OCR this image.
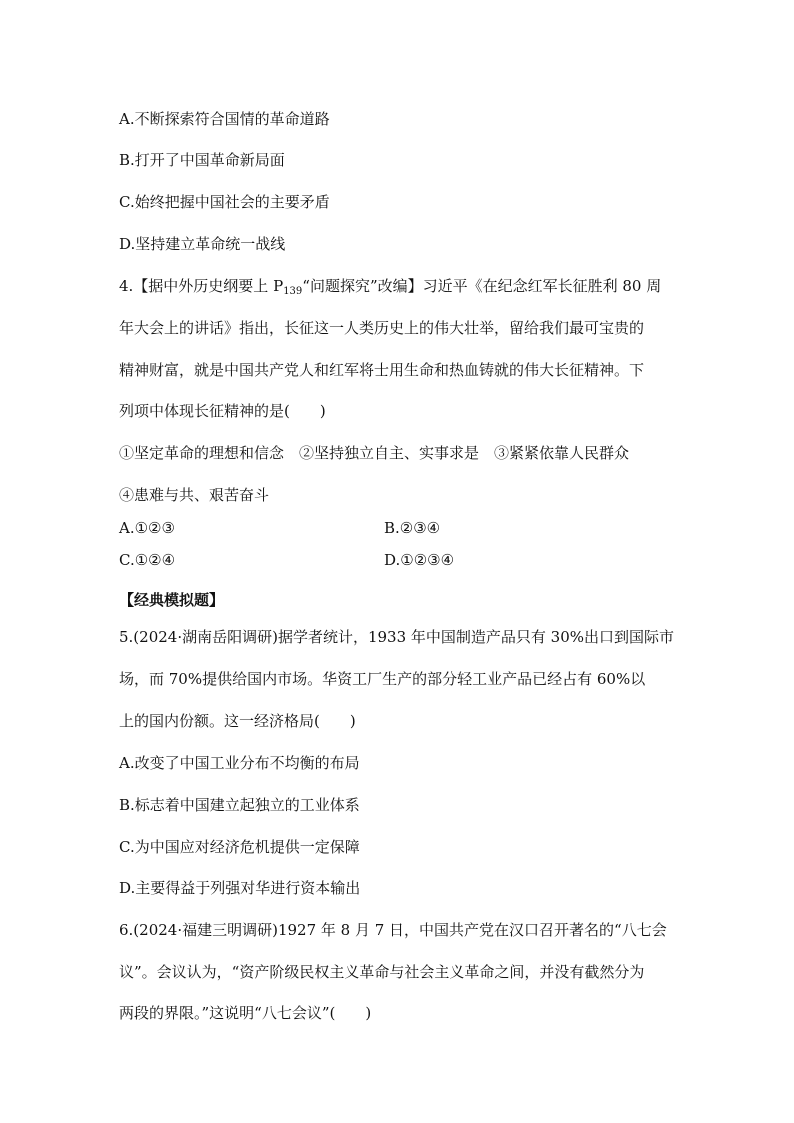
A.不断探索符合国情的革命道路
B.打开了中国革命新局面
C.始终把握中国社会的主要矛盾
D.坚持建立革命统一战线
4.【据中外历史纲要上 $P_{139}“$问题探究”改编】习近平《在纪念红军长征胜利 80 周
年大会上的讲话》指出，长征这一人类历史上的伟大壮举，留给我们最可宝贵的
精神财富，就是中国共产党人和红军将士用生命和热血铸就的伟大长征精神。下
列项中体现长征精神的是(　　)
①坚定革命的理想和信念　②坚持独立自主、实事求是　③紧紧依靠人民群众
④患难与共、艰苦奋斗
A.①②③	B.②③④
C.①②④	D.①②③④
【经典模拟题】
5.(2024·湖南岳阳调研)据学者统计，1933 年中国制造产品只有 30%出口到国际市
场，而 70%提供给国内市场。华资工厂生产的部分轻工业产品已经占有 60%以
上的国内份额。这一经济格局(　　)
A.改变了中国工业分布不均衡的布局
B.标志着中国建立起独立的工业体系
C.为中国应对经济危机提供一定保障
D.主要得益于列强对华进行资本输出
6.(2024·福建三明调研)1927 年 8 月 7 日，中国共产党在汉口召开著名的“八七会
议”。会议认为，“资产阶级民权主义革命与社会主义革命之间，并没有截然分为
两段的界限。”这说明“八七会议”(　　)
